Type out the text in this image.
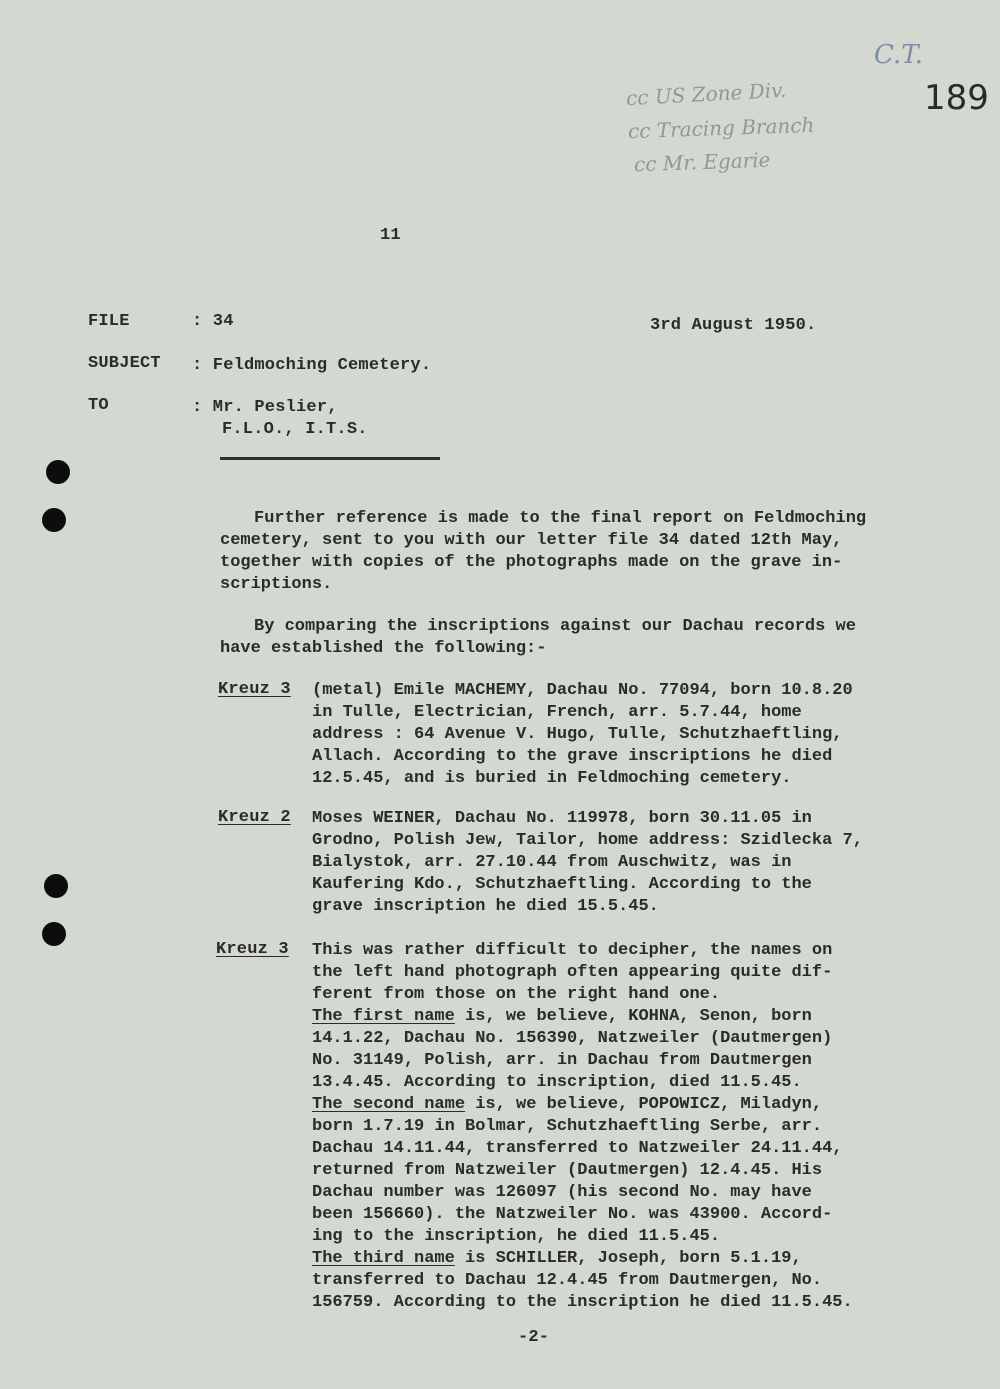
C.T.
189
cc US Zone Div.
cc Tracing Branch
cc Mr. Egarie
11
FILE	: 34	3rd August 1950.
SUBJECT : Feldmoching Cemetery.
TO	: Mr. Peslier,
F.L.O., I.T.S.
Further reference is made to the final report on Feldmoching
cemetery, sent to you with our letter file 34 dated 12th May,
together with copies of the photographs made on the grave in-
scriptions.
By comparing the inscriptions against our Dachau records we
have established the following:-
Kreuz 3 (metal) Emile MACHEMY, Dachau No. 77094, born 10.8.20
in Tulle, Electrician, French, arr. 5.7.44, home
address : 64 Avenue V. Hugo, Tulle, Schutzhaeftling,
Allach. According to the grave inscriptions he died
12.5.45, and is buried in Feldmoching cemetery.
Kreuz 2 Moses WEINER, Dachau No. 119978, born 30.11.05 in
Grodno, Polish Jew, Tailor, home address: Szidlecka 7,
Bialystok, arr. 27.10.44 from Auschwitz, was in
Kaufering Kdo., Schutzhaeftling. According to the
grave inscription he died 15.5.45.
Kreuz 3 This was rather difficult to decipher, the names on
the left hand photograph often appearing quite dif-
ferent from those on the right hand one.
The first name is, we believe, KOHNA, Senon, born
14.1.22, Dachau No. 156390, Natzweiler (Dautmergen)
No. 31149, Polish, arr. in Dachau from Dautmergen
13.4.45. According to inscription, died 11.5.45.
The second name is, we believe, POPOWICZ, Miladyn,
born 1.7.19 in Bolmar, Schutzhaeftling Serbe, arr.
Dachau 14.11.44, transferred to Natzweiler 24.11.44,
returned from Natzweiler (Dautmergen) 12.4.45. His
Dachau number was 126097 (his second No. may have
been 156660). the Natzweiler No. was 43900. Accord-
ing to the inscription, he died 11.5.45.
The third name is SCHILLER, Joseph, born 5.1.19,
transferred to Dachau 12.4.45 from Dautmergen, No.
156759. According to the inscription he died 11.5.45.
-2-
